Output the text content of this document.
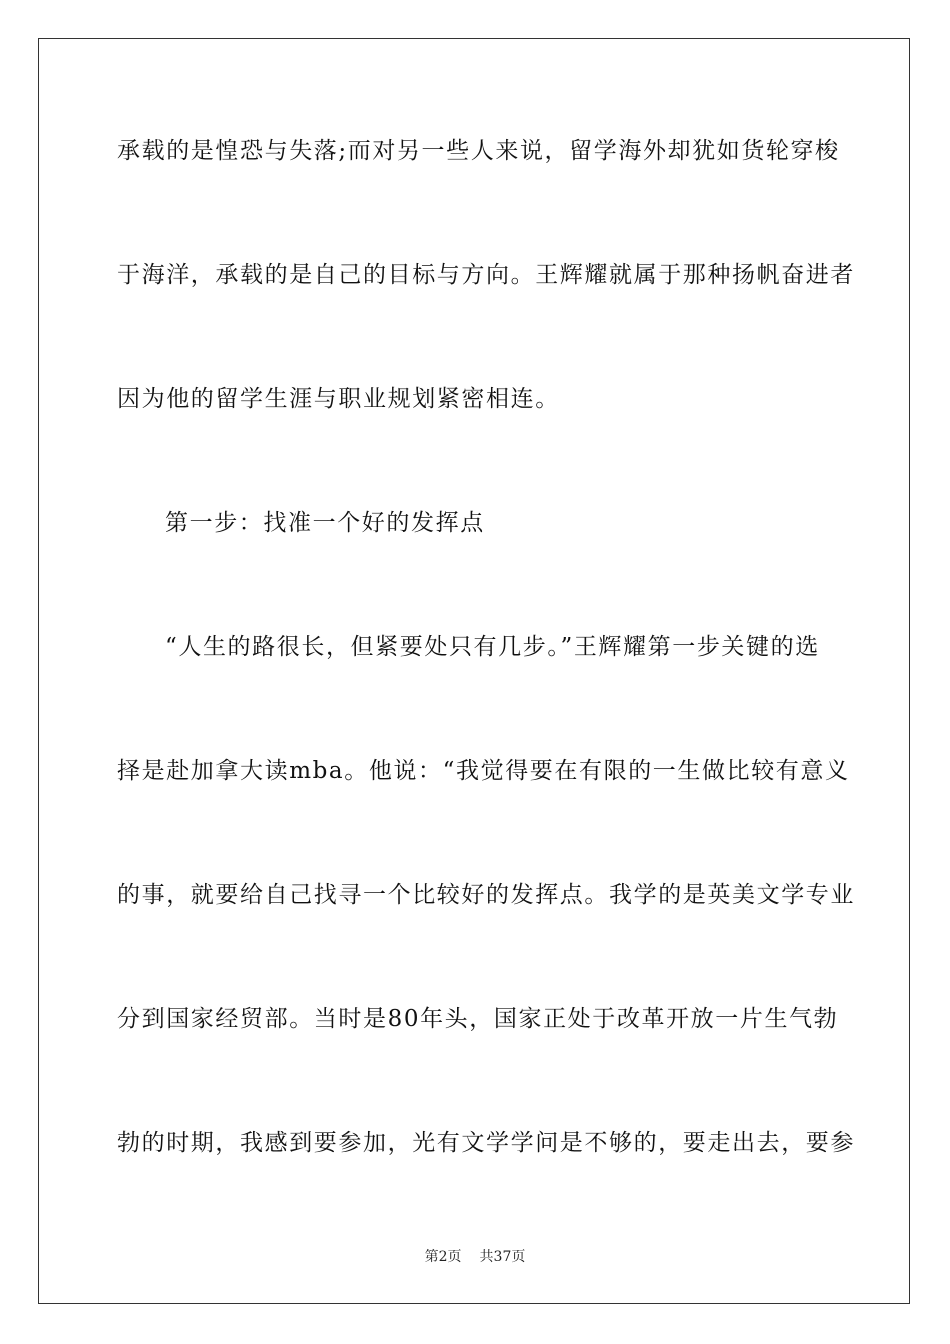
承载的是惶恐与失落;而对另一些人来说，留学海外却犹如货轮穿梭
于海洋，承载的是自己的目标与方向。王辉耀就属于那种扬帆奋进者
因为他的留学生涯与职业规划紧密相连。
第一步：找准一个好的发挥点
“人生的路很长，但紧要处只有几步。”王辉耀第一步关键的选
择是赴加拿大读mba。他说：“我觉得要在有限的一生做比较有意义
的事，就要给自己找寻一个比较好的发挥点。我学的是英美文学专业
分到国家经贸部。当时是80年头，国家正处于改革开放一片生气勃
勃的时期，我感到要参加，光有文学学问是不够的，要走出去，要参
第2页 共37页
